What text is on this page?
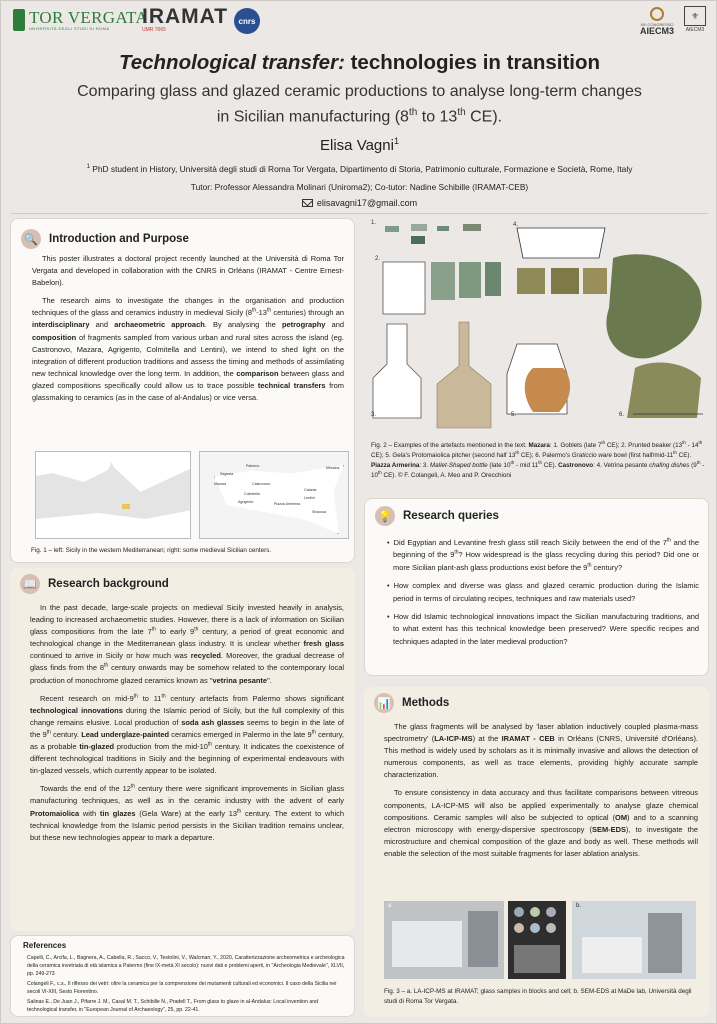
TOR VERGATA
UNIVERSITÀ DEGLI STUDI DI ROMA	IRAMAT
UMR 7065
cnrs	XIII CONGRESSO
AIECM3
⚜
AIECM3
Technological transfer: technologies in transition
Comparing glass and glazed ceramic productions to analyse long-term changes
in Sicilian manufacturing (8th to 13th CE).
Elisa Vagni$^1$
$^1$ PhD student in History, Università degli studi di Roma Tor Vergata, Dipartimento di Storia, Patrimonio culturale, Formazione e Società, Rome, Italy
Tutor: Professor Alessandra Molinari (Uniroma2); Co-tutor: Nadine Schibille (IRAMAT-CEB)
elisavagni17@gmail.com
🔍 Introduction and Purpose

This poster illustrates a doctoral project recently launched at the Università di Roma Tor Vergata and developed in collaboration with the CNRS in Orléans (IRAMAT - Centre Ernest-Babelon).

The research aims to investigate the changes in the organisation and production techniques of the glass and ceramics industry in medieval Sicily (8th-13th centuries) through an interdisciplinary and archaeometric approach. By analysing the petrography and composition of fragments sampled from various urban and rural sites across the island (eg. Castronovo, Mazara, Agrigento, Colmitella and Lentini), we intend to shed light on the integration of different production traditions and assess the timing and methods of assimilating new technical knowledge over the long term. In addition, the comparison between glass and glazed compositions specifically could allow us to trace possible technical transfers from glassmaking to ceramics (as in the case of al-Andalus) or vice versa.

Palermo	Messina
Segesta
Mazara	Castronovo
Colmitella
Agrigento
Lentini
Catania
Piazza Armerina
Siracusa
Fig. 1 – left: Sicily in the western Mediterranean; right: some medieval Sicilian centers.
📖 Research background

In the past decade, large-scale projects on medieval Sicily invested heavily in analysis, leading to increased archaeometric studies. However, there is a lack of information on Sicilian glass compositions from the late 7th to early 9th century, a period of great economic and technological change in the Mediterranean glass industry. It is unclear whether fresh glass continued to arrive in Sicily or how much was recycled. Moreover, the gradual decrease of glass finds from the 8th century onwards may be somehow related to the contemporary local production of monochrome glazed ceramics known as "vetrina pesante".

Recent research on mid-9th to 11th century artefacts from Palermo shows significant technological innovations during the Islamic period of Sicily, but the full complexity of this change remains elusive. Local production of soda ash glasses seems to begin in the late of the 9th century. Lead underglaze-painted ceramics emerged in Palermo in the late 9th century, as a probable tin-glazed production from the mid-10th century. It indicates the coexistence of different technological traditions in Sicily and the beginning of experimental endeavours with tin-glazed vessels, which currently appear to be isolated.

Towards the end of the 12th century there were significant improvements in Sicilian glass manufacturing techniques, as well as in the ceramic industry with the advent of early Protomaiolica with tin glazes (Gela Ware) at the early 13th century. The extent to which technical knowledge from the Islamic period persists in the Sicilian tradition remains unclear, but these new technologies appear to mark a departure.

References

Capelli, C., Arcifa, L., Bagnera, A., Cabella, R., Sacco, V., Testolini, V., Walcman, Y., 2020, Caratterizzazione archeometrica e archeologica della ceramica invetriata di età islamica a Palermo (fine IX-metà XI secolo): nuovi dati e problemi aperti, in "Archeologia Medievale", XLVII, pp. 249-273

Colangeli F., c.s., Il riflesso dei vetri: oltre la ceramica per la comprensione dei mutamenti culturali ed economici. Il caso della Sicilia nei secoli VI-XIII, Sesto Fiorentino.

Salinas E., De Juan J., Pifarre J. M., Casal M. T., Schibille N., Pradell T., From glass to glaze in al-Andalus: Local invention and technological transfer, in "European Journal of Archaeology", 25, pp. 22-41.

1.
2.
3.
4.
5.	6.
Fig. 2 – Examples of the artefacts mentioned in the text. Mazara: 1. Goblets (late 7th CE); 2. Prunted beaker (13th - 14th CE); 5. Gela's Protomaiolica pitcher (second half 13th CE); 6. Palermo's Graticcio ware bowl (first half/mid-11th CE). Piazza Armerina: 3. Mallet-Shaped bottle (late 10th - mid 11th CE). Castronovo: 4. Vetrina pesante chafing dishes (9th - 10th CE). © F. Colangeli, A. Meo and P. Orecchioni
💡 Research queries
• Did Egyptian and Levantine fresh glass still reach Sicily between the end of the 7th and the beginning of the 9th? How widespread is the glass recycling during this period? Did one or more Sicilian plant-ash glass productions exist before the 9th century?
• How complex and diverse was glass and glazed ceramic production during the Islamic period in terms of circulating recipes, techniques and raw materials used?
• How did Islamic technological innovations impact the Sicilian manufacturing traditions, and to what extent has this technical knowledge been preserved? Were specific recipes and techniques adapted in the later medieval production?
📊 Methods

The glass fragments will be analysed by 'laser ablation inductively coupled plasma-mass spectrometry' (LA-ICP-MS) at the IRAMAT - CEB in Orléans (CNRS, Université d'Orléans). This method is widely used by scholars as it is minimally invasive and allows the detection of numerous components, as well as trace elements, providing highly accurate sample characterization.

To ensure consistency in data accuracy and thus facilitate comparisons between vitreous components, LA-ICP-MS will also be applied experimentally to analyse glaze chemical compositions. Ceramic samples will also be subjected to optical (OM) and to a scanning electron microscopy with energy-dispersive spectroscopy (SEM-EDS), to investigate the microstructure and chemical composition of the glaze and body as well. These methods will enable the selection of the most suitable fragments for laser ablation analysis.

a.	b.
Fig. 3 – a. LA-ICP-MS at IRAMAT; glass samples in blocks and cell; b. SEM-EDS at MaDe lab, Università degli studi di Roma Tor Vergata.
